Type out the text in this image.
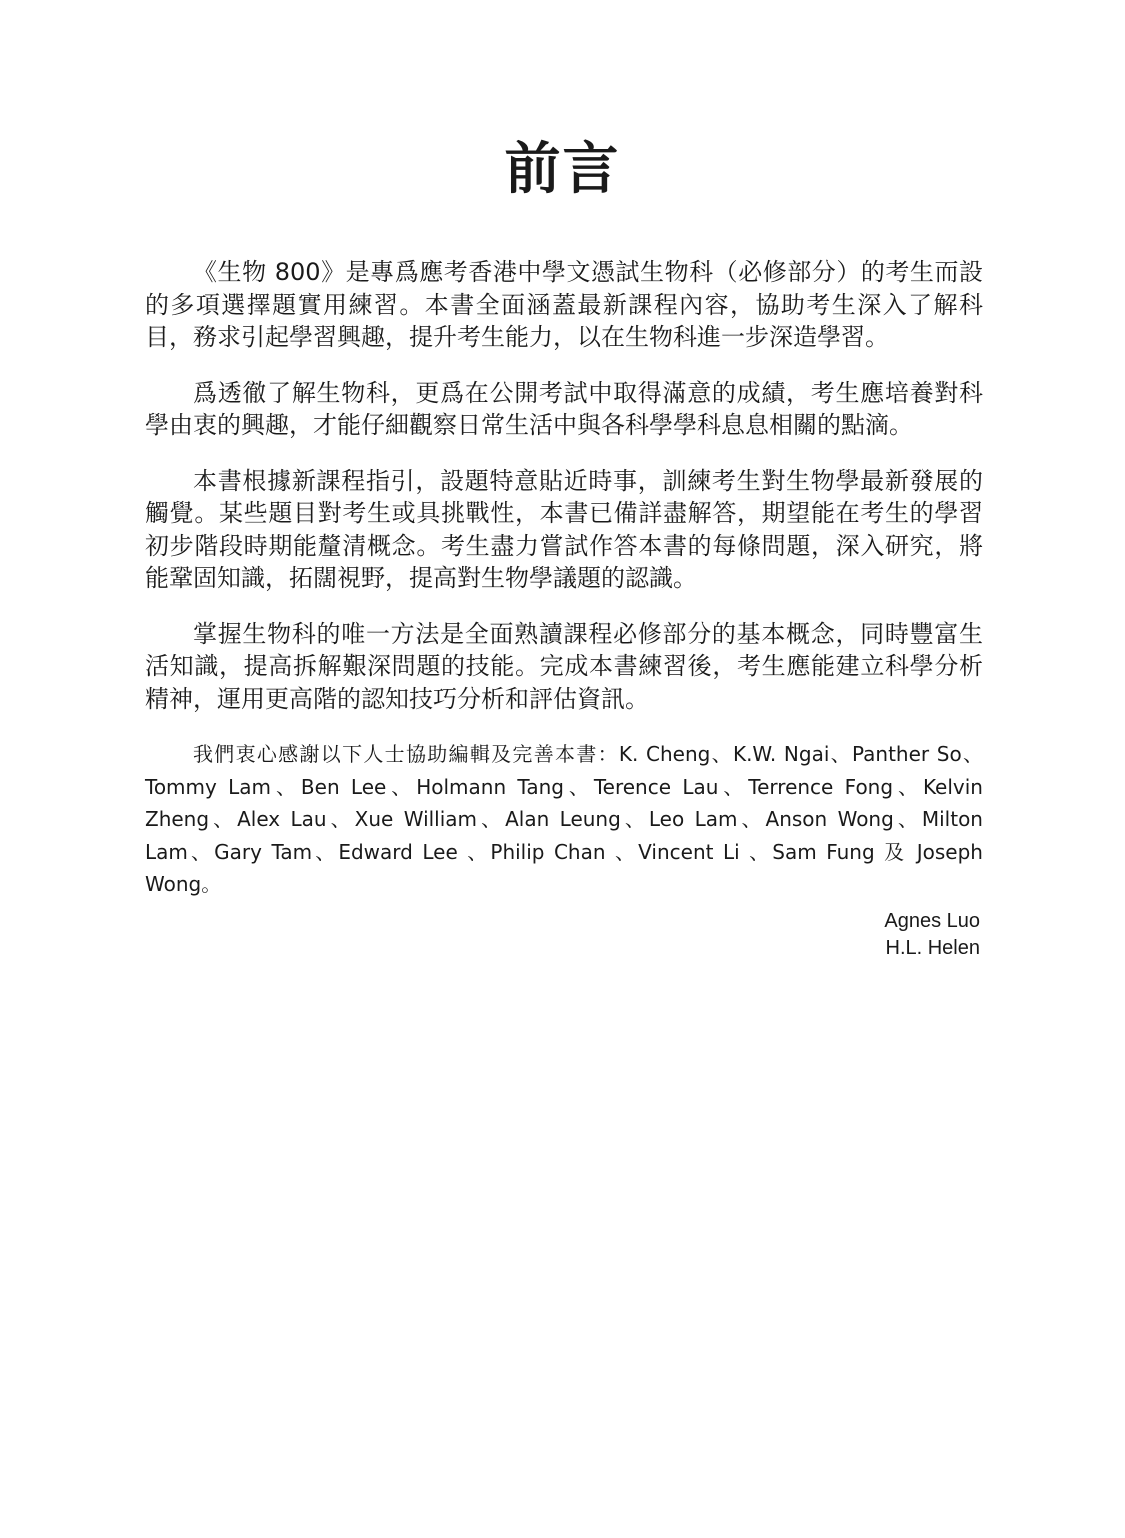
前言

《生物 800》是專爲應考香港中學文憑試生物科（必修部分）的考生而設的多項選擇題實用練習。本書全面涵蓋最新課程內容，協助考生深入了解科目，務求引起學習興趣，提升考生能力，以在生物科進一步深造學習。

爲透徹了解生物科，更爲在公開考試中取得滿意的成績，考生應培養對科學由衷的興趣，才能仔細觀察日常生活中與各科學學科息息相關的點滴。

本書根據新課程指引，設題特意貼近時事，訓練考生對生物學最新發展的觸覺。某些題目對考生或具挑戰性，本書已備詳盡解答，期望能在考生的學習初步階段時期能釐清概念。考生盡力嘗試作答本書的每條問題，深入研究，將能鞏固知識，拓闊視野，提高對生物學議題的認識。

掌握生物科的唯一方法是全面熟讀課程必修部分的基本概念，同時豐富生活知識，提高拆解艱深問題的技能。完成本書練習後，考生應能建立科學分析精神，運用更高階的認知技巧分析和評估資訊。

我們衷心感謝以下人士協助編輯及完善本書：K. Cheng、K.W. Ngai、Panther So、Tommy Lam、Ben Lee、Holmann Tang、Terence Lau、Terrence Fong、Kelvin Zheng、Alex Lau、Xue William、Alan Leung、Leo Lam、Anson Wong、Milton Lam、Gary Tam、Edward Lee 、Philip Chan 、Vincent Li 、Sam Fung 及 Joseph Wong。

Agnes Luo
H.L. Helen
